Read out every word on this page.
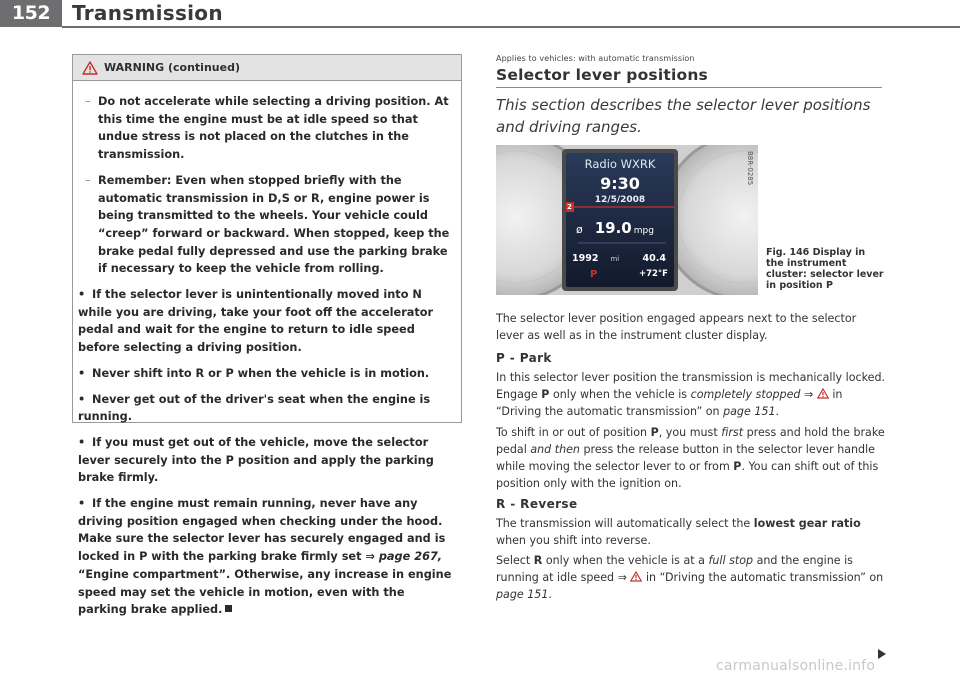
152	Transmission
WARNING (continued)
– Do not accelerate while selecting a driving position. At this time the engine must be at idle speed so that undue stress is not placed on the clutches in the transmission.
– Remember: Even when stopped briefly with the automatic transmission in D,S or R, engine power is being transmitted to the wheels. Your vehicle could “creep” forward or backward. When stopped, keep the brake pedal fully depressed and use the parking brake if necessary to keep the vehicle from rolling.
• If the selector lever is unintentionally moved into N while you are driving, take your foot off the accelerator pedal and wait for the engine to return to idle speed before selecting a driving position.
• Never shift into R or P when the vehicle is in motion.
• Never get out of the driver's seat when the engine is running.
• If you must get out of the vehicle, move the selector lever securely into the P position and apply the parking brake firmly.
• If the engine must remain running, never have any driving position engaged when checking under the hood. Make sure the selector lever has securely engaged and is locked in P with the parking brake firmly set ⇒ page 267, “Engine compartment”. Otherwise, any increase in engine speed may set the vehicle in motion, even with the parking brake applied.
Applies to vehicles: with automatic transmission
Selector lever positions
This section describes the selector lever positions and driving ranges.
B8R-0285
Radio WXRK
9:30
12/5/2008
2
ø 19.0 mpg
1992 mi 40.4
P	+72°F
Fig. 146 Display in the instrument cluster: selector lever in position P
The selector lever position engaged appears next to the selector lever as well as in the instrument cluster display.
P - Park
In this selector lever position the transmission is mechanically locked. Engage P only when the vehicle is completely stopped ⇒  in “Driving the automatic transmission” on page 151.
To shift in or out of position P, you must first press and hold the brake pedal and then press the release button in the selector lever handle while moving the selector lever to or from P. You can shift out of this position only with the ignition on.
R - Reverse
The transmission will automatically select the lowest gear ratio when you shift into reverse.
Select R only when the vehicle is at a full stop and the engine is running at idle speed ⇒  in “Driving the automatic transmission” on page 151.
carmanualsonline.info
